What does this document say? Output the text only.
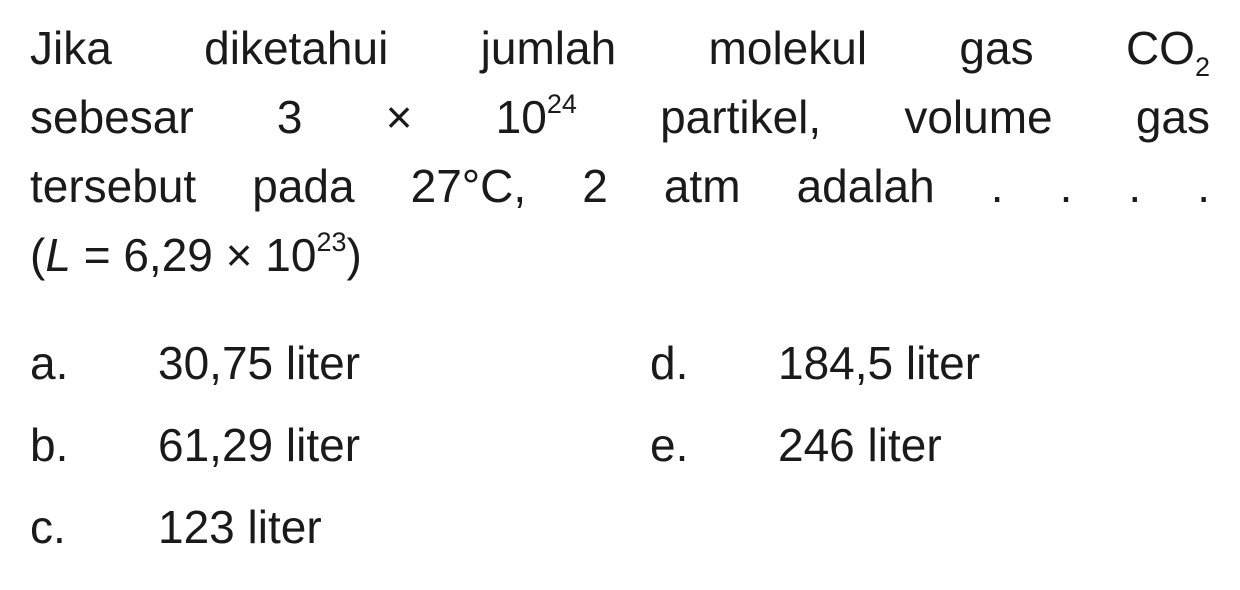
Jika diketahui jumlah molekul gas $CO_2$
sebesar $3 \times 10^{24}$ partikel, volume gas
tersebut pada 27°C, 2 atm adalah . . . .
$(L = 6,29 \times 10^{23})$
a. 30,75 liter	d. 184,5 liter
b. 61,29 liter	e. 246 liter
c. 123 liter
